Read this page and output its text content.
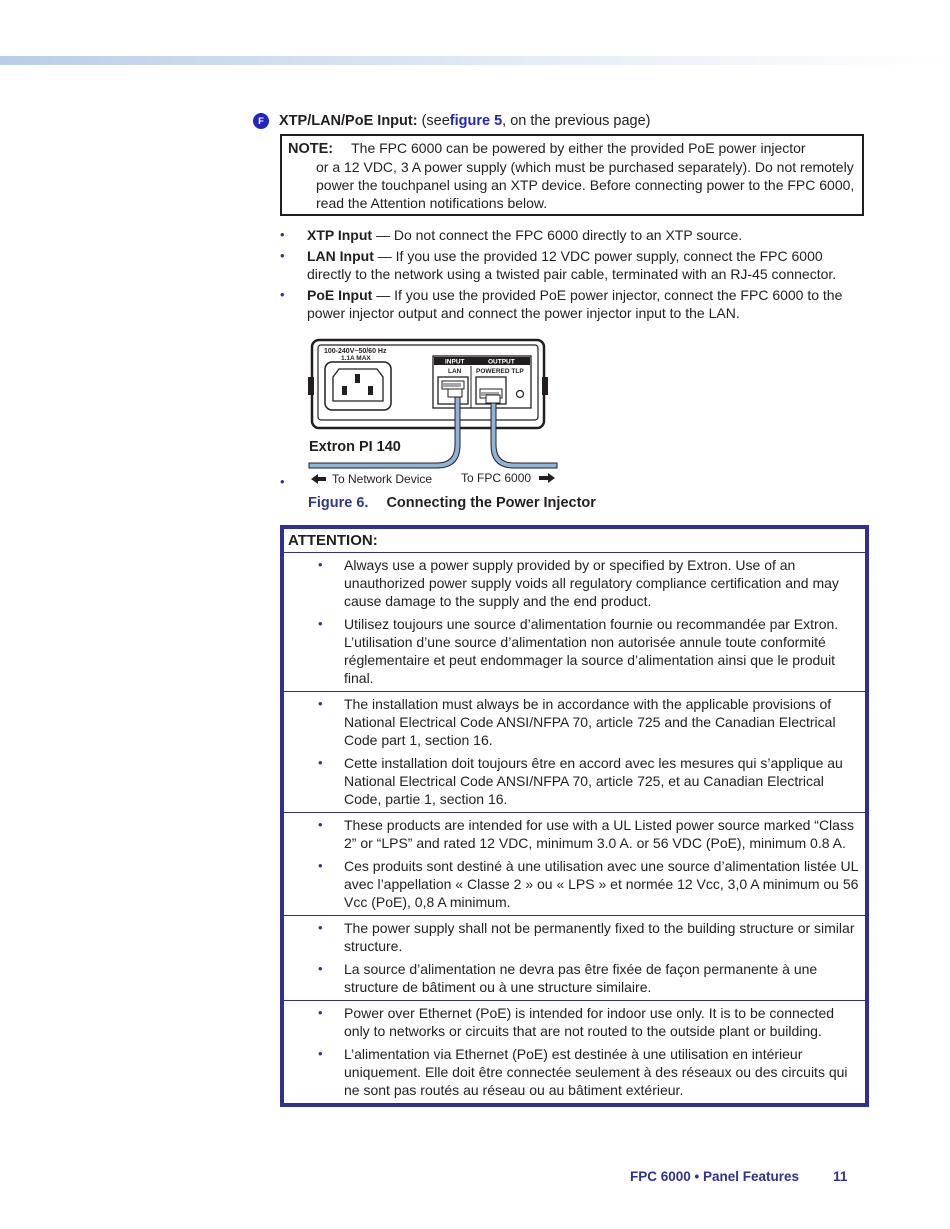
F	XTP/LAN/PoE Input:
(see figure 5 , on the previous page)
NOTE: The FPC 6000 can be powered by either the provided PoE power injector
or a 12 VDC, 3 A power supply (which must be purchased separately). Do not remotely power the touchpanel using an XTP device. Before connecting power to the FPC 6000, read the Attention notifications below.
• XTP Input — Do not connect the FPC 6000 directly to an XTP source.
• LAN Input — If you use the provided 12 VDC power supply, connect the FPC 6000 directly to the network using a twisted pair cable, terminated with an RJ-45 connector.
• PoE Input — If you use the provided PoE power injector, connect the FPC 6000 to the power injector output and connect the power injector input to the LAN.
100-240V~50/60 Hz
1.1A MAX	INPUT	OUTPUT
LAN POWERED TLP
Extron PI 140
To Network Device To FPC 6000
•
Figure 6. Connecting the Power Injector
ATTENTION:
• Always use a power supply provided by or specified by Extron. Use of an unauthorized power supply voids all regulatory compliance certification and may cause damage to the supply and the end product.
• Utilisez toujours une source d’alimentation fournie ou recommandée par Extron. L’utilisation d’une source d’alimentation non autorisée annule toute conformité réglementaire et peut endommager la source d’alimentation ainsi que le produit final.
• The installation must always be in accordance with the applicable provisions of National Electrical Code ANSI/NFPA 70, article 725 and the Canadian Electrical Code part 1, section 16.
• Cette installation doit toujours être en accord avec les mesures qui s’applique au National Electrical Code ANSI/NFPA 70, article 725, et au Canadian Electrical Code, partie 1, section 16.
• These products are intended for use with a UL Listed power source marked “Class 2” or “LPS” and rated 12 VDC, minimum 3.0 A. or 56 VDC (PoE), minimum 0.8 A.
• Ces produits sont destiné à une utilisation avec une source d’alimentation listée UL avec l’appellation « Classe 2 » ou « LPS » et normée 12 Vcc, 3,0 A minimum ou 56 Vcc (PoE), 0,8 A minimum.
• The power supply shall not be permanently fixed to the building structure or similar structure.
• La source d’alimentation ne devra pas être fixée de façon permanente à une structure de bâtiment ou à une structure similaire.
• Power over Ethernet (PoE) is intended for indoor use only. It is to be connected only to networks or circuits that are not routed to the outside plant or building.
• L’alimentation via Ethernet (PoE) est destinée à une utilisation en intérieur uniquement. Elle doit être connectée seulement à des réseaux ou des circuits qui ne sont pas routés au réseau ou au bâtiment extérieur.
FPC 6000 • Panel Features	11
